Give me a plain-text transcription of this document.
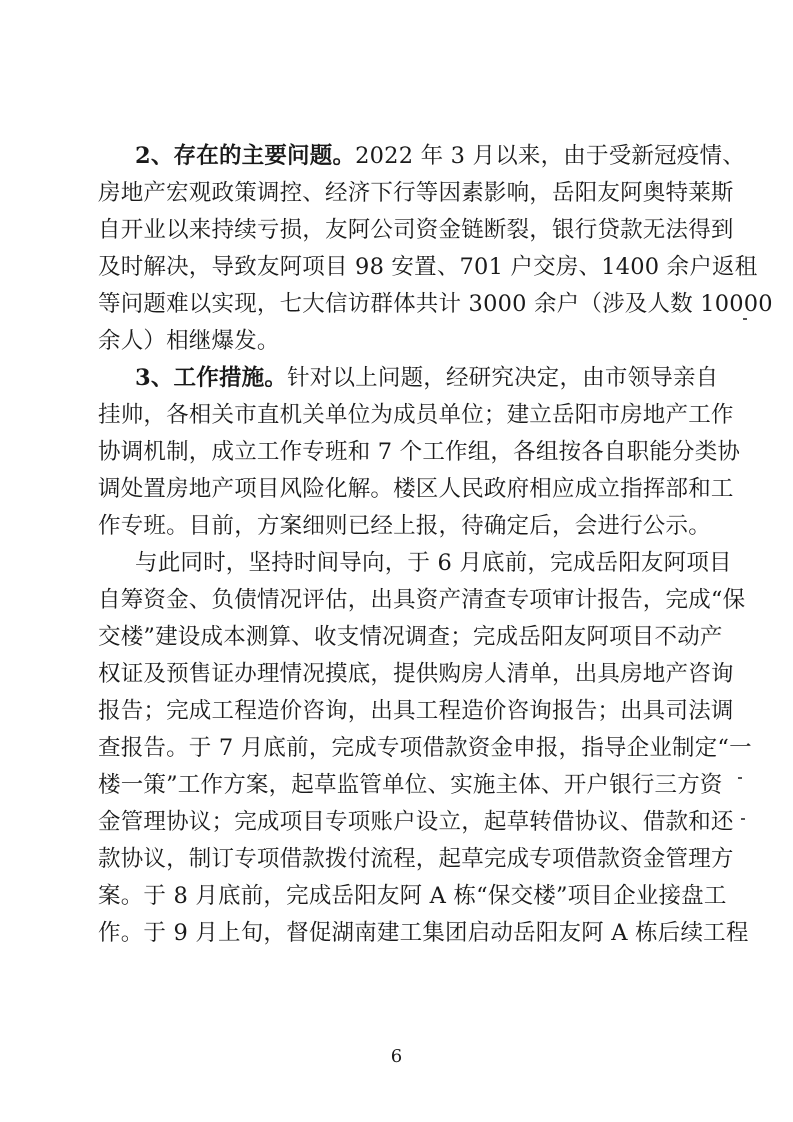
2、存在的主要问题。2022 年 3 月以来，由于受新冠疫情、
房地产宏观政策调控、经济下行等因素影响，岳阳友阿奥特莱斯
自开业以来持续亏损，友阿公司资金链断裂，银行贷款无法得到
及时解决，导致友阿项目 98 安置、701 户交房、1400 余户返租
等问题难以实现，七大信访群体共计 3000 余户（涉及人数 10000
余人）相继爆发。
3、工作措施。针对以上问题，经研究决定，由市领导亲自
挂帅，各相关市直机关单位为成员单位；建立岳阳市房地产工作
协调机制，成立工作专班和 7 个工作组，各组按各自职能分类协
调处置房地产项目风险化解。楼区人民政府相应成立指挥部和工
作专班。目前，方案细则已经上报，待确定后，会进行公示。
与此同时，坚持时间导向，于 6 月底前，完成岳阳友阿项目
自筹资金、负债情况评估，出具资产清查专项审计报告，完成“保
交楼”建设成本测算、收支情况调查；完成岳阳友阿项目不动产
权证及预售证办理情况摸底，提供购房人清单，出具房地产咨询
报告；完成工程造价咨询，出具工程造价咨询报告；出具司法调
查报告。于 7 月底前，完成专项借款资金申报，指导企业制定“一
楼一策”工作方案，起草监管单位、实施主体、开户银行三方资
金管理协议；完成项目专项账户设立，起草转借协议、借款和还
款协议，制订专项借款拨付流程，起草完成专项借款资金管理方
案。于 8 月底前，完成岳阳友阿 A 栋“保交楼”项目企业接盘工
作。于 9 月上旬，督促湖南建工集团启动岳阳友阿 A 栋后续工程
6
